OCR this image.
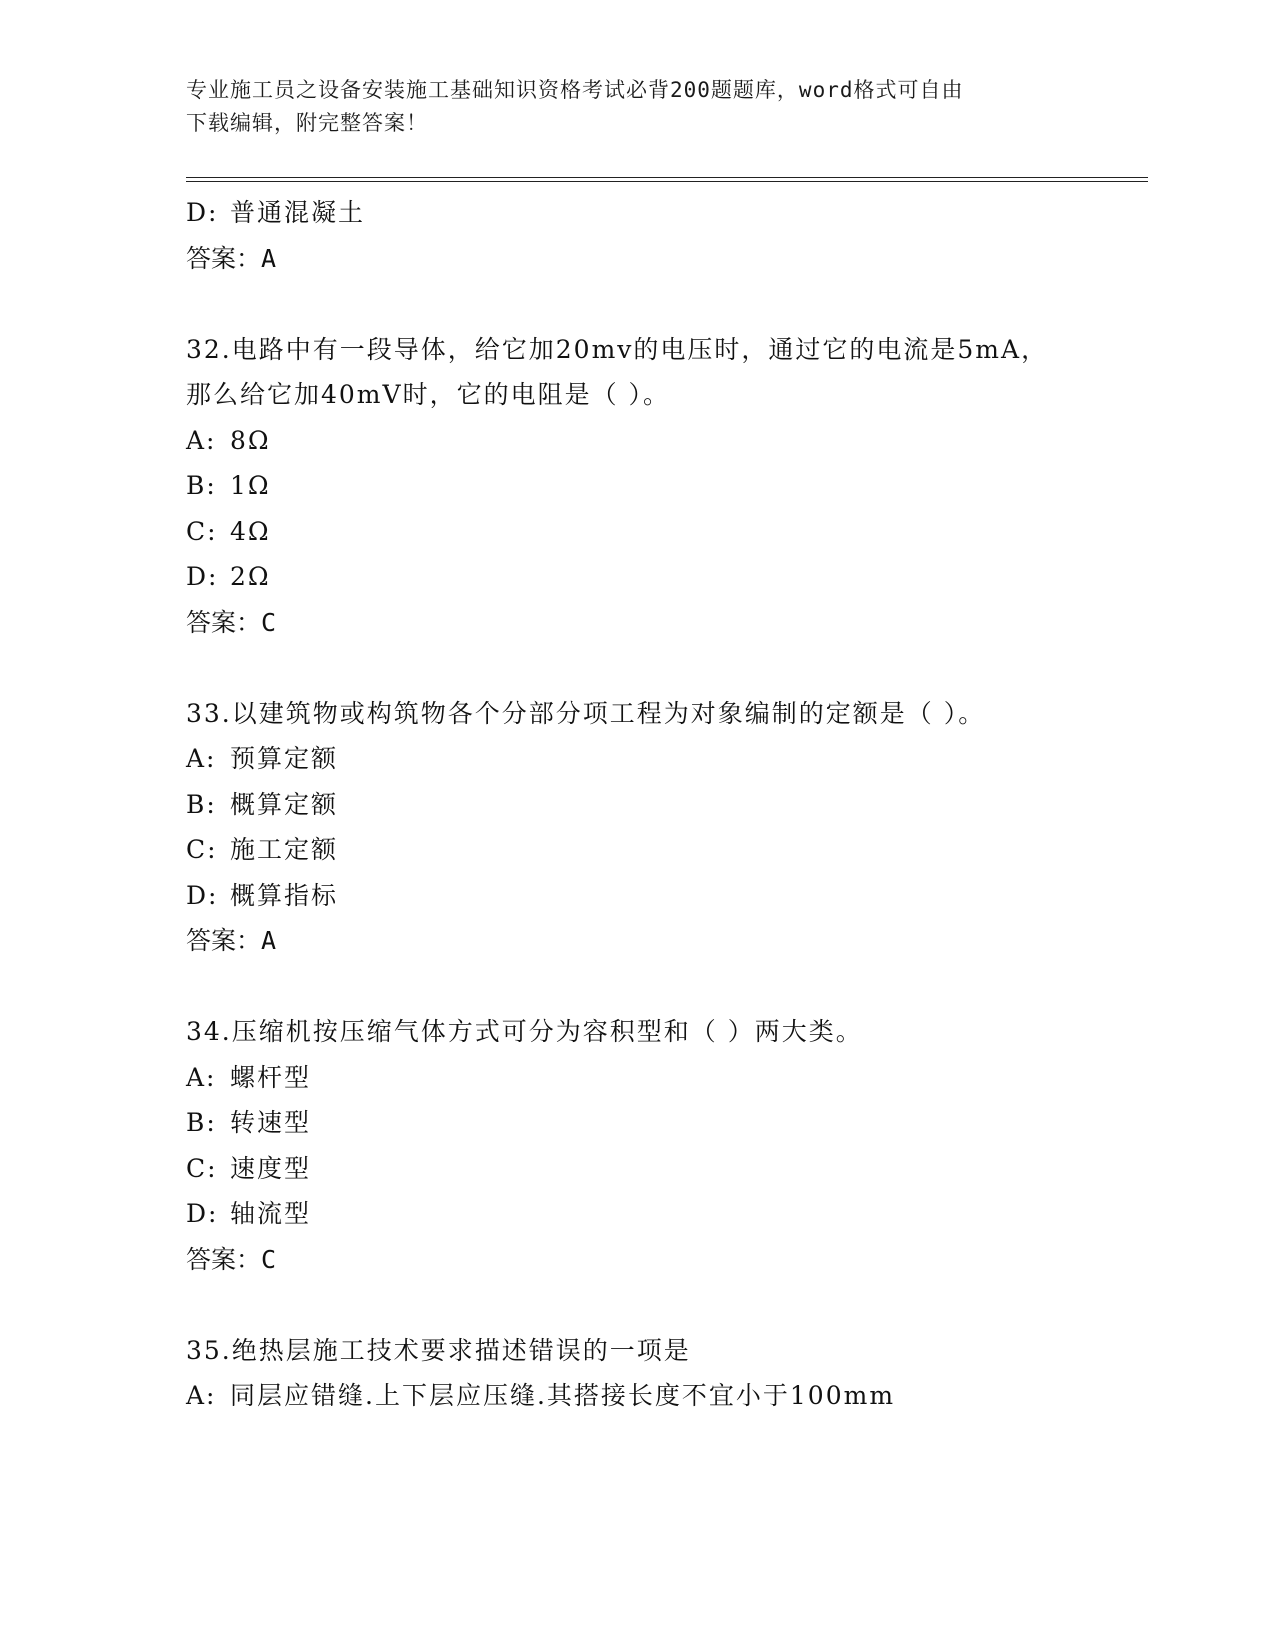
专业施工员之设备安装施工基础知识资格考试必背200题题库，word格式可自由
下载编辑，附完整答案！
D: 普通混凝土
答案：A
32.电路中有一段导体，给它加20mv的电压时，通过它的电流是5mA，
那么给它加40mV时，它的电阻是（ ）。
A: 8Ω
B: 1Ω
C: 4Ω
D: 2Ω
答案：C
33.以建筑物或构筑物各个分部分项工程为对象编制的定额是（ ）。
A: 预算定额
B: 概算定额
C: 施工定额
D: 概算指标
答案：A
34.压缩机按压缩气体方式可分为容积型和（ ）两大类。
A: 螺杆型
B: 转速型
C: 速度型
D: 轴流型
答案：C
35.绝热层施工技术要求描述错误的一项是
A: 同层应错缝.上下层应压缝.其搭接长度不宜小于100mm
